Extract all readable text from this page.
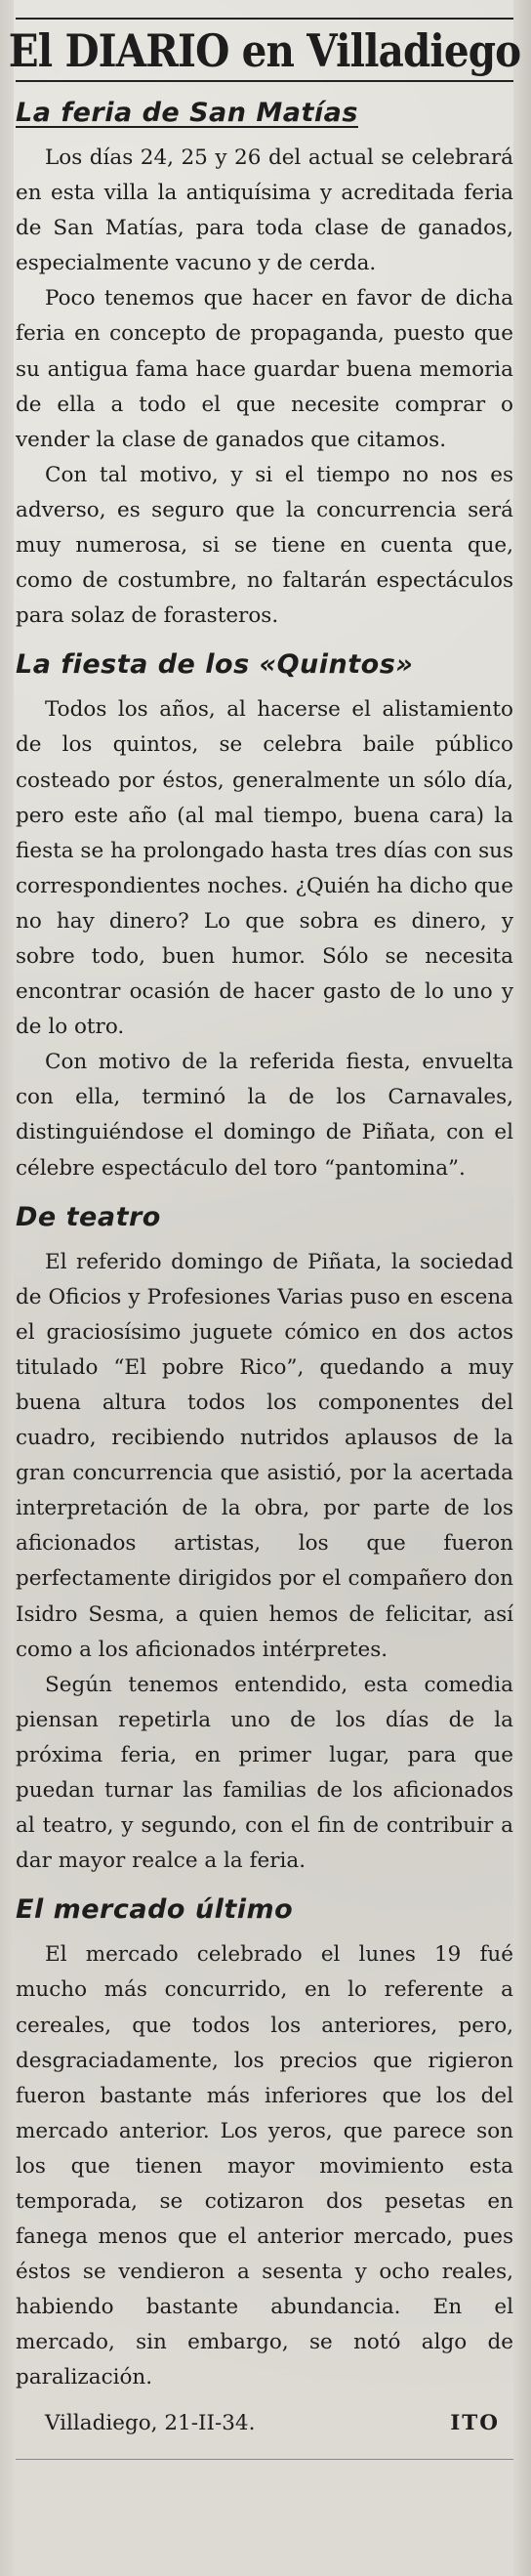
El DIARIO en Villadiego
La feria de San Matías

Los días 24, 25 y 26 del actual se celebrará en esta villa la antiquísima y acreditada feria de San Matías, para toda clase de ganados, especialmente vacuno y de cerda.

Poco tenemos que hacer en favor de dicha feria en concepto de propaganda, puesto que su antigua fama hace guardar buena memoria de ella a todo el que necesite comprar o vender la clase de ganados que citamos.

Con tal motivo, y si el tiempo no nos es adverso, es seguro que la concurrencia será muy numerosa, si se tiene en cuenta que, como de costumbre, no faltarán espectáculos para solaz de forasteros.

La fiesta de los «Quintos»

Todos los años, al hacerse el alistamiento de los quintos, se celebra baile público costeado por éstos, generalmente un sólo día, pero este año (al mal tiempo, buena cara) la fiesta se ha prolongado hasta tres días con sus correspondientes noches. ¿Quién ha dicho que no hay dinero? Lo que sobra es dinero, y sobre todo, buen humor. Sólo se necesita encontrar ocasión de hacer gasto de lo uno y de lo otro.

Con motivo de la referida fiesta, envuelta con ella, terminó la de los Carnavales, distinguiéndose el domingo de Piñata, con el célebre espectáculo del toro “pantomina”.

De teatro

El referido domingo de Piñata, la sociedad de Oficios y Profesiones Varias puso en escena el graciosísimo juguete cómico en dos actos titulado “El pobre Rico”, quedando a muy buena altura todos los componentes del cuadro, recibiendo nutridos aplausos de la gran concurrencia que asistió, por la acertada interpretación de la obra, por parte de los aficionados artistas, los que fueron perfectamente dirigidos por el compañero don Isidro Sesma, a quien hemos de felicitar, así como a los aficionados intérpretes.

Según tenemos entendido, esta comedia piensan repetirla uno de los días de la próxima feria, en primer lugar, para que puedan turnar las familias de los aficionados al teatro, y segundo, con el fin de contribuir a dar mayor realce a la feria.

El mercado último

El mercado celebrado el lunes 19 fué mucho más concurrido, en lo referente a cereales, que todos los anteriores, pero, desgraciadamente, los precios que rigieron fueron bastante más inferiores que los del mercado anterior. Los yeros, que parece son los que tienen mayor movimiento esta temporada, se cotizaron dos pesetas en fanega menos que el anterior mercado, pues éstos se vendieron a sesenta y ocho reales, habiendo bastante abundancia. En el mercado, sin embargo, se notó algo de paralización.

Villadiego, 21-II-34.	ITO
